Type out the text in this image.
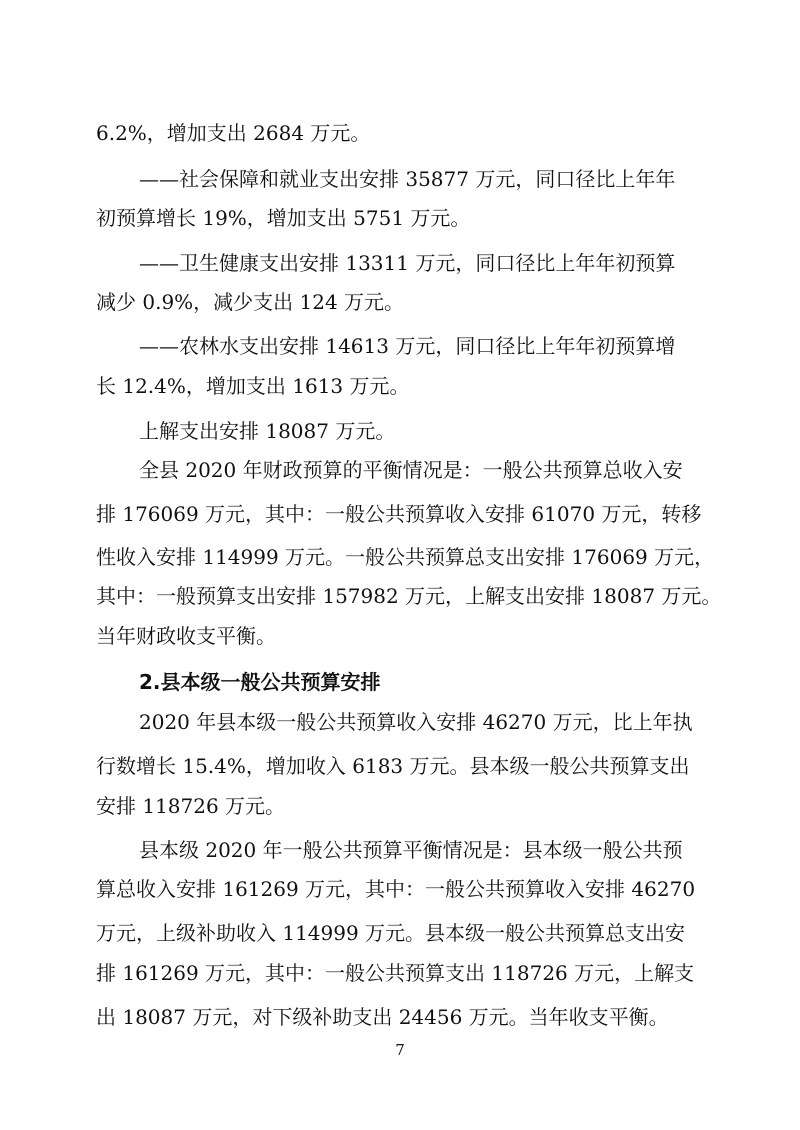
6.2%，增加支出 2684 万元。
——社会保障和就业支出安排 35877 万元，同口径比上年年
初预算增长 19%，增加支出 5751 万元。
——卫生健康支出安排 13311 万元，同口径比上年年初预算
减少 0.9%，减少支出 124 万元。
——农林水支出安排 14613 万元，同口径比上年年初预算增
长 12.4%，增加支出 1613 万元。
上解支出安排 18087 万元。
全县 2020 年财政预算的平衡情况是：一般公共预算总收入安
排 176069 万元，其中：一般公共预算收入安排 61070 万元，转移
性收入安排 114999 万元。一般公共预算总支出安排 176069 万元，
其中：一般预算支出安排 157982 万元，上解支出安排 18087 万元。
当年财政收支平衡。
2.县本级一般公共预算安排
2020 年县本级一般公共预算收入安排 46270 万元，比上年执
行数增长 15.4%，增加收入 6183 万元。县本级一般公共预算支出
安排 118726 万元。
县本级 2020 年一般公共预算平衡情况是：县本级一般公共预
算总收入安排 161269 万元，其中：一般公共预算收入安排 46270
万元，上级补助收入 114999 万元。县本级一般公共预算总支出安
排 161269 万元，其中：一般公共预算支出 118726 万元，上解支
出 18087 万元，对下级补助支出 24456 万元。当年收支平衡。
7
